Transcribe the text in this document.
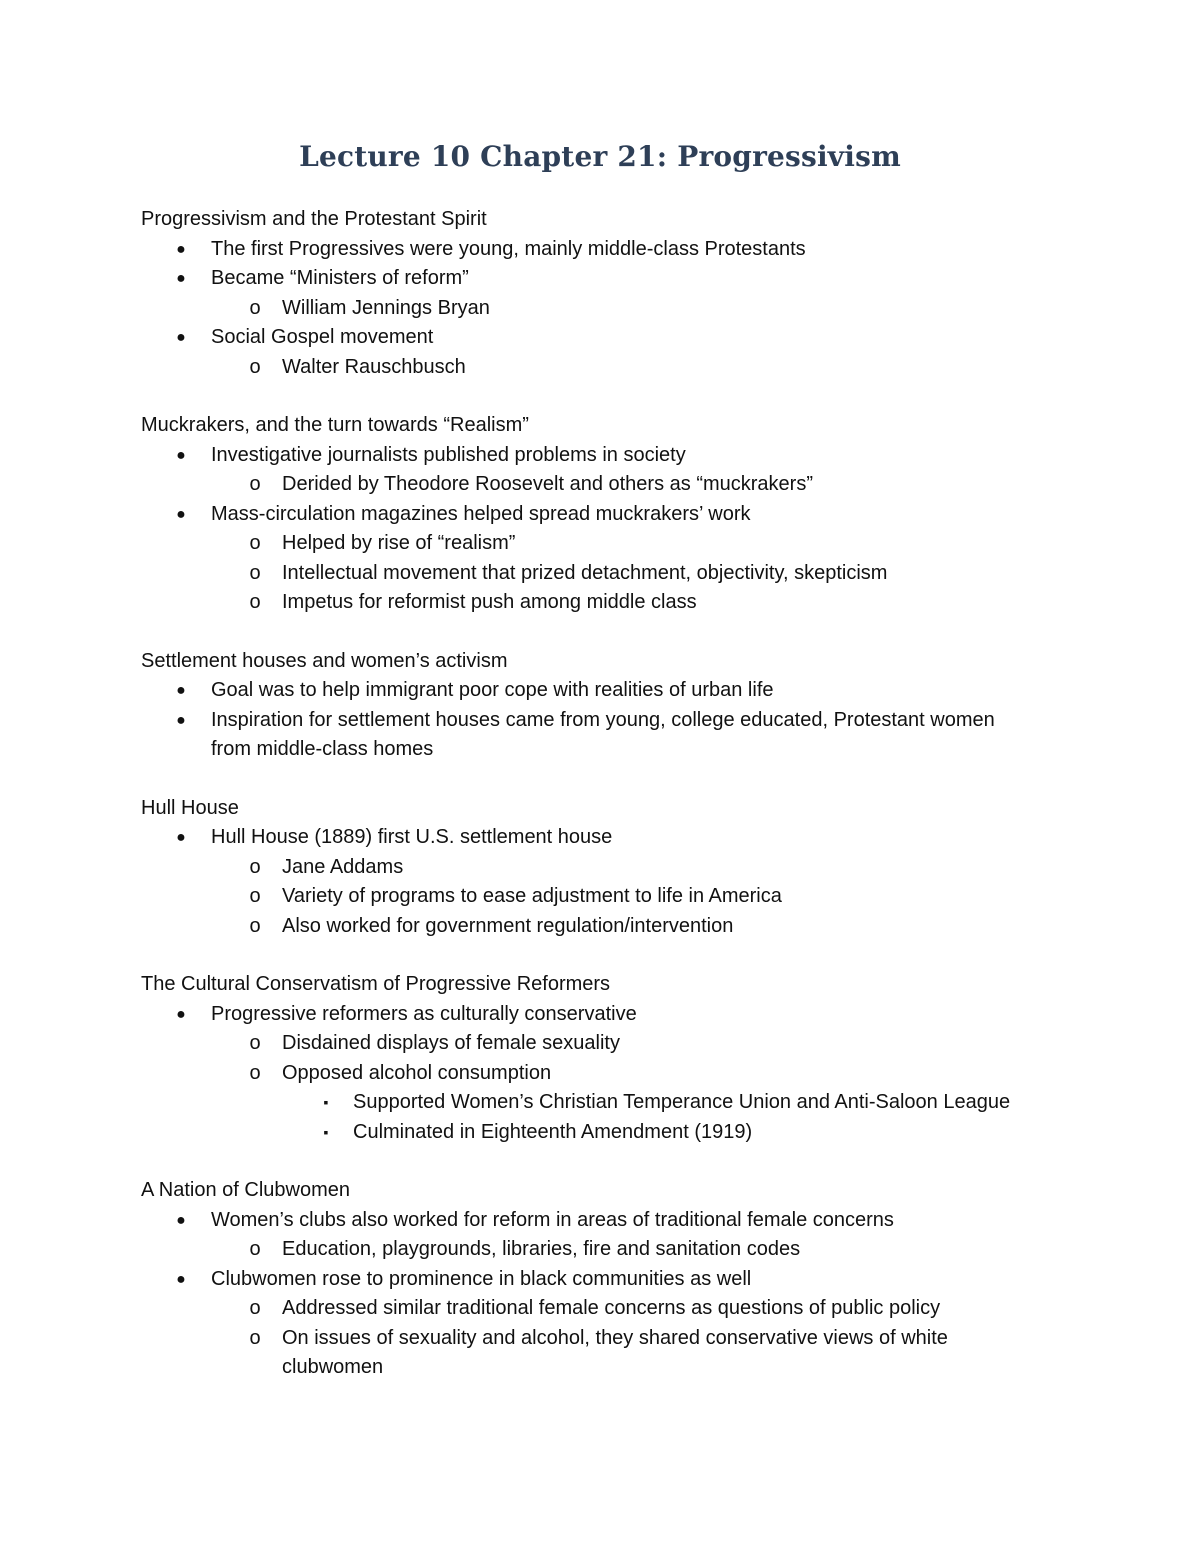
Lecture 10 Chapter 21: Progressivism
Progressivism and the Protestant Spirit
●	The first Progressives were young, mainly middle-class Protestants
●	Became “Ministers of reform”
o	William Jennings Bryan
●	Social Gospel movement
o	Walter Rauschbusch
Muckrakers, and the turn towards “Realism”
●	Investigative journalists published problems in society
o	Derided by Theodore Roosevelt and others as “muckrakers”
●	Mass-circulation magazines helped spread muckrakers’ work
o	Helped by rise of “realism”
o	Intellectual movement that prized detachment, objectivity, skepticism
o	Impetus for reformist push among middle class
Settlement houses and women’s activism
●	Goal was to help immigrant poor cope with realities of urban life
●	Inspiration for settlement houses came from young, college educated, Protestant women from middle-class homes
Hull House
●	Hull House (1889) first U.S. settlement house
o	Jane Addams
o	Variety of programs to ease adjustment to life in America
o	Also worked for government regulation/intervention
The Cultural Conservatism of Progressive Reformers
●	Progressive reformers as culturally conservative
o	Disdained displays of female sexuality
o	Opposed alcohol consumption
▪	Supported Women’s Christian Temperance Union and Anti-Saloon League
▪	Culminated in Eighteenth Amendment (1919)
A Nation of Clubwomen
●	Women’s clubs also worked for reform in areas of traditional female concerns
o	Education, playgrounds, libraries, fire and sanitation codes
●	Clubwomen rose to prominence in black communities as well
o	Addressed similar traditional female concerns as questions of public policy
o	On issues of sexuality and alcohol, they shared conservative views of white clubwomen
